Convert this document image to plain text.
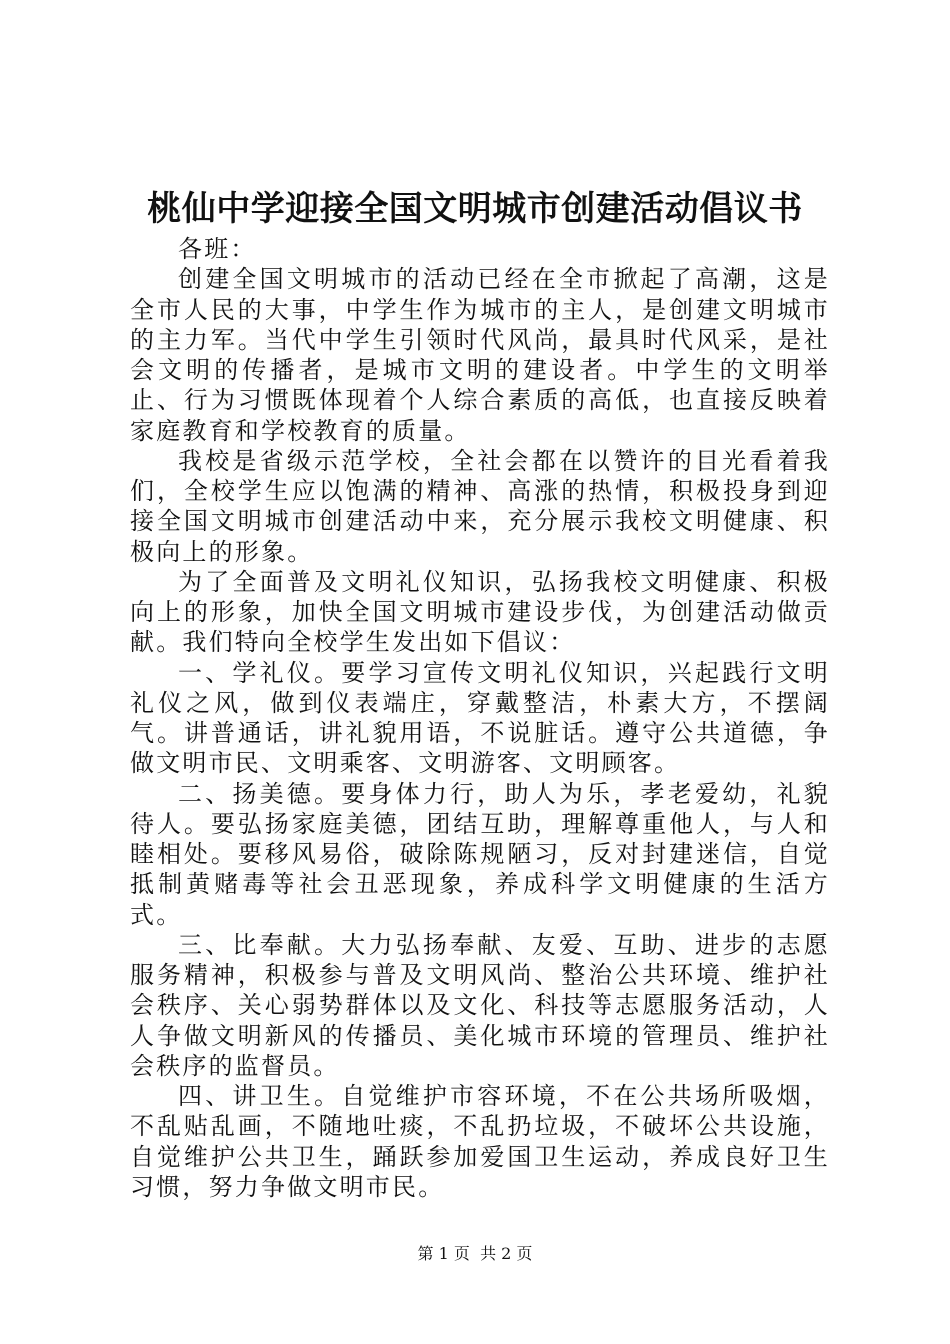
桃仙中学迎接全国文明城市创建活动倡议书

各班：

创建全国文明城市的活动已经在全市掀起了高潮，这是全市人民的大事，中学生作为城市的主人，是创建文明城市的主力军。当代中学生引领时代风尚，最具时代风采，是社会文明的传播者，是城市文明的建设者。中学生的文明举止、行为习惯既体现着个人综合素质的高低，也直接反映着家庭教育和学校教育的质量。

我校是省级示范学校，全社会都在以赞许的目光看着我们，全校学生应以饱满的精神、高涨的热情，积极投身到迎接全国文明城市创建活动中来，充分展示我校文明健康、积极向上的形象。

为了全面普及文明礼仪知识，弘扬我校文明健康、积极向上的形象，加快全国文明城市建设步伐，为创建活动做贡献。我们特向全校学生发出如下倡议：

一、学礼仪。要学习宣传文明礼仪知识，兴起践行文明礼仪之风，做到仪表端庄，穿戴整洁，朴素大方，不摆阔气。讲普通话，讲礼貌用语，不说脏话。遵守公共道德，争做文明市民、文明乘客、文明游客、文明顾客。

二、扬美德。要身体力行，助人为乐，孝老爱幼，礼貌待人。要弘扬家庭美德，团结互助，理解尊重他人，与人和睦相处。要移风易俗，破除陈规陋习，反对封建迷信，自觉抵制黄赌毒等社会丑恶现象，养成科学文明健康的生活方式。

三、比奉献。大力弘扬奉献、友爱、互助、进步的志愿服务精神，积极参与普及文明风尚、整治公共环境、维护社会秩序、关心弱势群体以及文化、科技等志愿服务活动，人人争做文明新风的传播员、美化城市环境的管理员、维护社会秩序的监督员。

四、讲卫生。自觉维护市容环境，不在公共场所吸烟，不乱贴乱画，不随地吐痰，不乱扔垃圾，不破坏公共设施，自觉维护公共卫生，踊跃参加爱国卫生运动，养成良好卫生习惯，努力争做文明市民。

第 1 页 共 2 页
